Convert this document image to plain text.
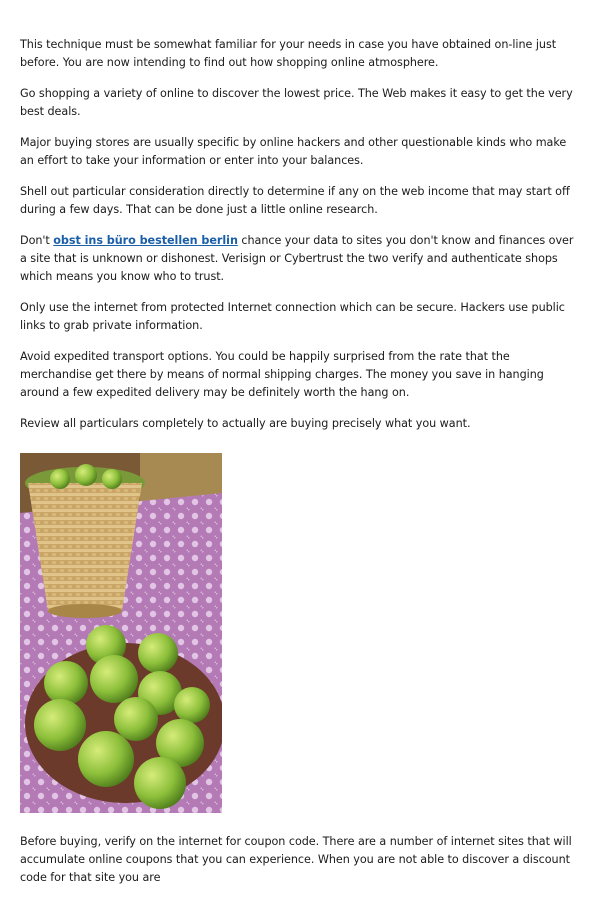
This technique must be somewhat familiar for your needs in case you have obtained on-line just before. You are now intending to find out how shopping online atmosphere.

Go shopping a variety of online to discover the lowest price. The Web makes it easy to get the very best deals.

Major buying stores are usually specific by online hackers and other questionable kinds who make an effort to take your information or enter into your balances.

Shell out particular consideration directly to determine if any on the web income that may start off during a few days. That can be done just a little online research.

Don't obst ins büro bestellen berlin chance your data to sites you don't know and finances over a site that is unknown or dishonest. Verisign or Cybertrust the two verify and authenticate shops which means you know who to trust.

Only use the internet from protected Internet connection which can be secure. Hackers use public links to grab private information.

Avoid expedited transport options. You could be happily surprised from the rate that the merchandise get there by means of normal shipping charges. The money you save in hanging around a few expedited delivery may be definitely worth the hang on.

Review all particulars completely to actually are buying precisely what you want.

Before buying, verify on the internet for coupon code. There are a number of internet sites that will accumulate online coupons that you can experience. When you are not able to discover a discount code for that site you are
